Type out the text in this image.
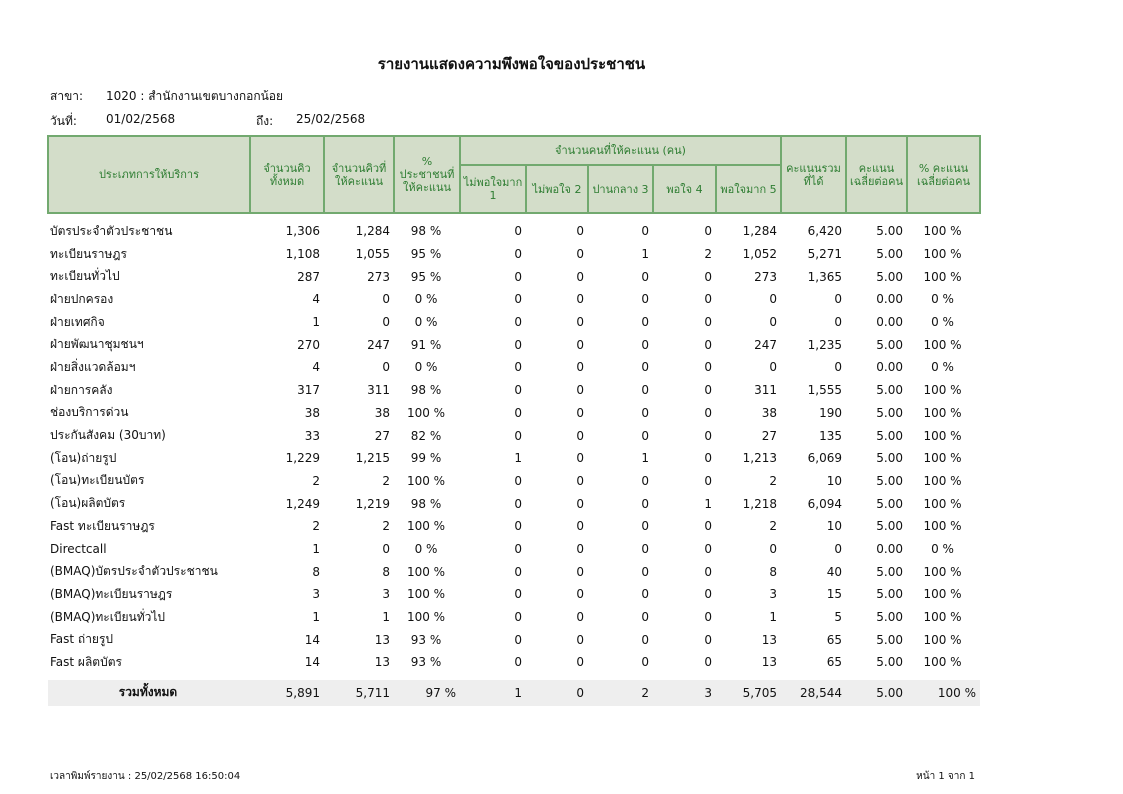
รายงานแสดงความพึงพอใจของประชาชน
สาขา: 1020 : สำนักงานเขตบางกอกน้อย
วันที่: 01/02/2568	ถึง: 25/02/2568
ประเภทการให้บริการ	จำนวนคิวทั้งหมด	จำนวนคิวที่ให้คะแนน	% ประชาชนที่ให้คะแนน	จำนวนคนที่ให้คะแนน (คน)					คะแนนรวมที่ได้	คะแนนเฉลี่ยต่อคน	% คะแนนเฉลี่ยต่อคน
				ไม่พอใจมาก 1	ไม่พอใจ 2	ปานกลาง 3	พอใจ 4	พอใจมาก 5			

บัตรประจำตัวประชาชน	1,306	1,284	98 %	0	0	0	0	1,284	6,420	5.00	100 %
ทะเบียนราษฎร	1,108	1,055	95 %	0	0	1	2	1,052	5,271	5.00	100 %
ทะเบียนทั่วไป	287	273	95 %	0	0	0	0	273	1,365	5.00	100 %
ฝ่ายปกครอง	4	0	0 %	0	0	0	0	0	0	0.00	0 %
ฝ่ายเทศกิจ	1	0	0 %	0	0	0	0	0	0	0.00	0 %
ฝ่ายพัฒนาชุมชนฯ	270	247	91 %	0	0	0	0	247	1,235	5.00	100 %
ฝ่ายสิ่งแวดล้อมฯ	4	0	0 %	0	0	0	0	0	0	0.00	0 %
ฝ่ายการคลัง	317	311	98 %	0	0	0	0	311	1,555	5.00	100 %
ช่องบริการด่วน	38	38	100 %	0	0	0	0	38	190	5.00	100 %
ประกันสังคม (30บาท)	33	27	82 %	0	0	0	0	27	135	5.00	100 %
(โอน)ถ่ายรูป	1,229	1,215	99 %	1	0	1	0	1,213	6,069	5.00	100 %
(โอน)ทะเบียนบัตร	2	2	100 %	0	0	0	0	2	10	5.00	100 %
(โอน)ผลิตบัตร	1,249	1,219	98 %	0	0	0	1	1,218	6,094	5.00	100 %
Fast ทะเบียนราษฎร	2	2	100 %	0	0	0	0	2	10	5.00	100 %
Directcall	1	0	0 %	0	0	0	0	0	0	0.00	0 %
(BMAQ)บัตรประจำตัวประชาชน	8	8	100 %	0	0	0	0	8	40	5.00	100 %
(BMAQ)ทะเบียนราษฎร	3	3	100 %	0	0	0	0	3	15	5.00	100 %
(BMAQ)ทะเบียนทั่วไป	1	1	100 %	0	0	0	0	1	5	5.00	100 %
Fast ถ่ายรูป	14	13	93 %	0	0	0	0	13	65	5.00	100 %
Fast ผลิตบัตร	14	13	93 %	0	0	0	0	13	65	5.00	100 %

รวมทั้งหมด	5,891	5,711	97 %	1	0	2	3	5,705	28,544	5.00	100 %
เวลาพิมพ์รายงาน : 25/02/2568 16:50:04	หน้า 1 จาก 1
